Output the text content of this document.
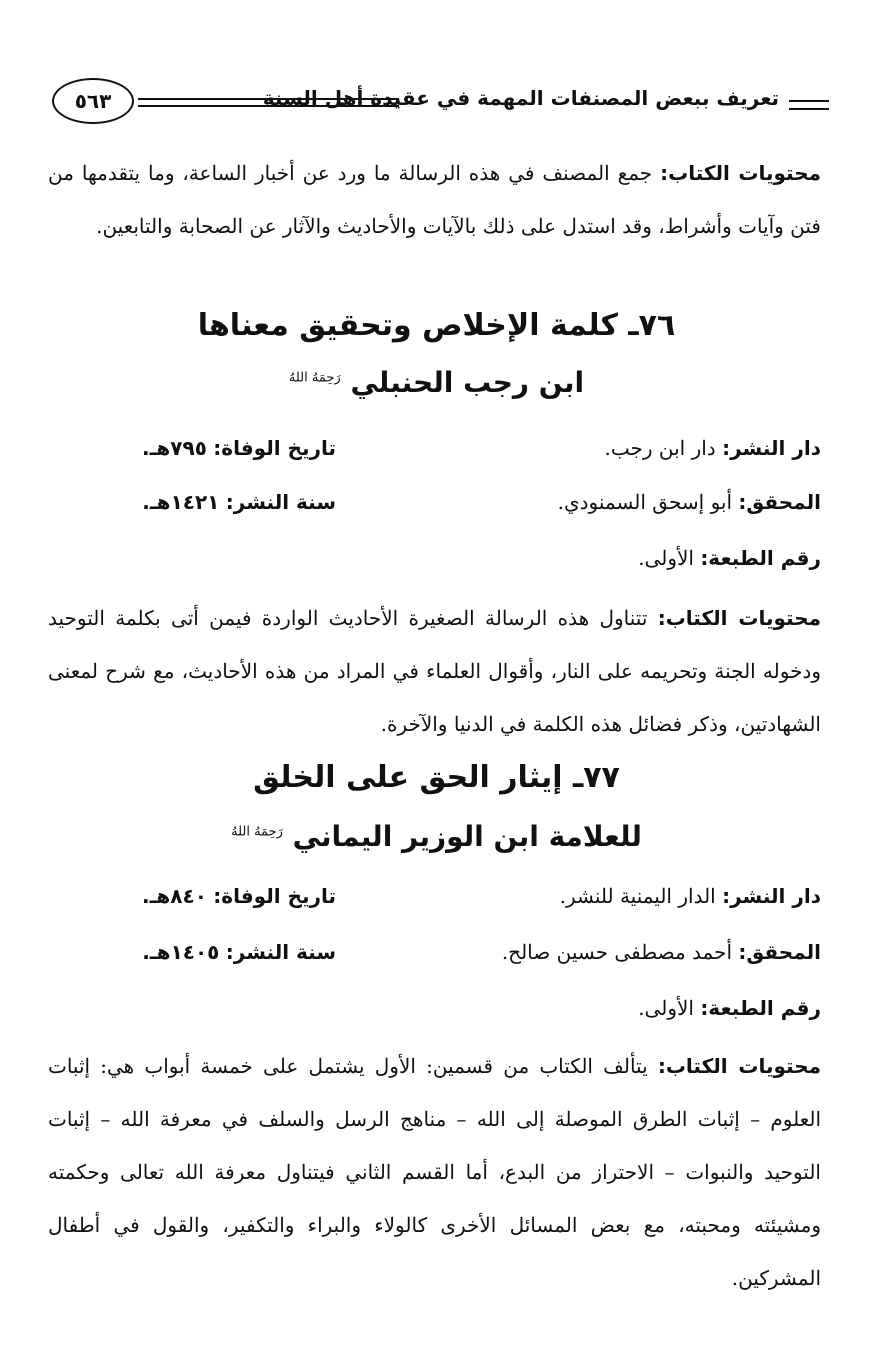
تعريف ببعض المصنفات المهمة في عقيدة أهل السنة
٥٦٣
محتويات الكتاب: جمع المصنف في هذه الرسالة ما ورد عن أخبار الساعة، وما يتقدمها من فتن وآيات وأشراط، وقد استدل على ذلك بالآيات والأحاديث والآثار عن الصحابة والتابعين.
٧٦ـ كلمة الإخلاص وتحقيق معناها
ابن رجب الحنبلي $^{رَحِمَهُ اللهُ}$
دار النشر: دار ابن رجب.
تاريخ الوفاة: ٧٩٥هـ.
المحقق: أبو إسحق السمنودي.
سنة النشر: ١٤٢١هـ.
رقم الطبعة: الأولى.
محتويات الكتاب: تتناول هذه الرسالة الصغيرة الأحاديث الواردة فيمن أتى بكلمة التوحيد ودخوله الجنة وتحريمه على النار، وأقوال العلماء في المراد من هذه الأحاديث، مع شرح لمعنى الشهادتين، وذكر فضائل هذه الكلمة في الدنيا والآخرة.
٧٧ـ إيثار الحق على الخلق
للعلامة ابن الوزير اليماني $^{رَحِمَهُ اللهُ}$
دار النشر: الدار اليمنية للنشر.
تاريخ الوفاة: ٨٤٠هـ.
المحقق: أحمد مصطفى حسين صالح.
سنة النشر: ١٤٠٥هـ.
رقم الطبعة: الأولى.
محتويات الكتاب: يتألف الكتاب من قسمين: الأول يشتمل على خمسة أبواب هي: إثبات العلوم – إثبات الطرق الموصلة إلى الله – مناهج الرسل والسلف في معرفة الله – إثبات التوحيد والنبوات – الاحتراز من البدع، أما القسم الثاني فيتناول معرفة الله تعالى وحكمته ومشيئته ومحبته، مع بعض المسائل الأخرى كالولاء والبراء والتكفير، والقول في أطفال المشركين.
